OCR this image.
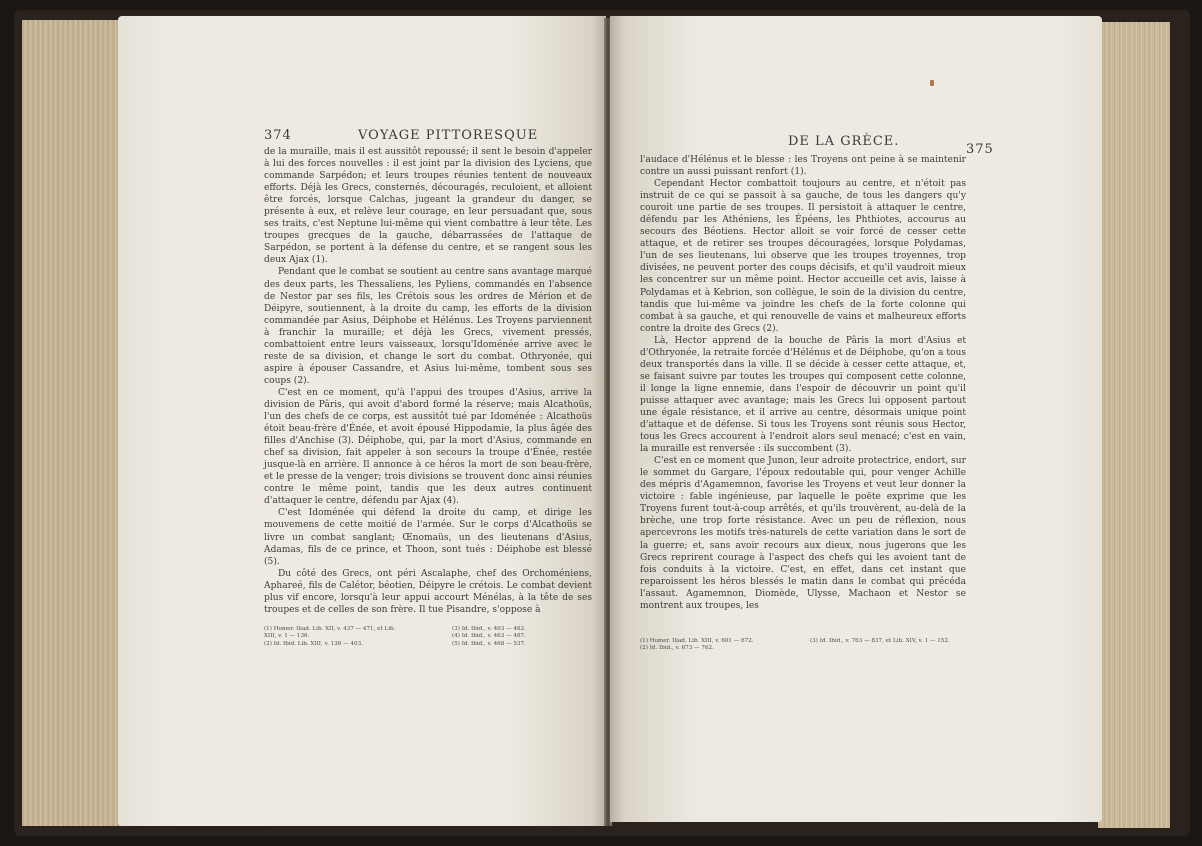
374	VOYAGE PITTORESQUE

de la muraille, mais il est aussitôt repoussé; il sent le besoin d'appeler à lui des forces nouvelles : il est joint par la division des Lyciens, que commande Sarpédon; et leurs troupes réunies tentent de nouveaux efforts. Déjà les Grecs, consternés, découragés, reculoient, et alloient être forcés, lorsque Calchas, jugeant la grandeur du danger, se présente à eux, et relève leur courage, en leur persuadant que, sous ses traits, c'est Neptune lui-même qui vient combattre à leur tête. Les troupes grecques de la gauche, débarrassées de l'attaque de Sarpédon, se portent à la défense du centre, et se rangent sous les deux Ajax (1).

Pendant que le combat se soutient au centre sans avantage marqué des deux parts, les Thessaliens, les Pyliens, commandés en l'absence de Nestor par ses fils, les Crétois sous les ordres de Mérion et de Déipyre, soutiennent, à la droite du camp, les efforts de la division commandée par Asius, Déiphobe et Hélénus. Les Troyens parviennent à franchir la muraille; et déjà les Grecs, vivement pressés, combattoient entre leurs vaisseaux, lorsqu'Idoménée arrive avec le reste de sa division, et change le sort du combat. Othryonée, qui aspire à épouser Cassandre, et Asius lui-même, tombent sous ses coups (2).

C'est en ce moment, qu'à l'appui des troupes d'Asius, arrive la division de Pâris, qui avoit d'abord formé la réserve; mais Alcathoüs, l'un des chefs de ce corps, est aussitôt tué par Idoménée : Alcathoüs étoit beau-frère d'Énée, et avoit épousé Hippodamie, la plus âgée des filles d'Anchise (3). Déiphobe, qui, par la mort d'Asius, commande en chef sa division, fait appeler à son secours la troupe d'Énée, restée jusque-là en arrière. Il annonce à ce héros la mort de son beau-frère, et le presse de la venger; trois divisions se trouvent donc ainsi réunies contre le même point, tandis que les deux autres continuent d'attaquer le centre, défendu par Ajax (4).

C'est Idoménée qui défend la droite du camp, et dirige les mouvemens de cette moitié de l'armée. Sur le corps d'Alcathoüs se livre un combat sanglant; Œnomaüs, un des lieutenans d'Asius, Adamas, fils de ce prince, et Thoon, sont tués : Déiphobe est blessé (5).

Du côté des Grecs, ont péri Ascalaphe, chef des Orchoméniens, Aphareé, fils de Calétor, béotien, Déipyre le crétois. Le combat devient plus vif encore, lorsqu'à leur appui accourt Ménélas, à la tête de ses troupes et de celles de son frère. Il tue Pisandre, s'oppose à

(1) Homer. Iliad. Lib. XII, v. 437 — 471, et Lib.
XIII, v. 1 — 136.
(2) Id. Ibid. Lib. XIII, v. 136 — 403.
(3) Id. Ibid., v. 403 — 462.
(4) Id. Ibid., v. 463 — 467.
(5) Id. Ibid., v. 468 — 537.
DE LA GRÈCE.
375

l'audace d'Hélénus et le blesse : les Troyens ont peine à se maintenir contre un aussi puissant renfort (1).

Cependant Hector combattoit toujours au centre, et n'étoit pas instruit de ce qui se passoit à sa gauche, de tous les dangers qu'y couroit une partie de ses troupes. Il persistoit à attaquer le centre, défendu par les Athéniens, les Épéens, les Phthiotes, accourus au secours des Béotiens. Hector alloit se voir forcé de cesser cette attaque, et de retirer ses troupes découragées, lorsque Polydamas, l'un de ses lieutenans, lui observe que les troupes troyennes, trop divisées, ne peuvent porter des coups décisifs, et qu'il vaudroit mieux les concentrer sur un même point. Hector accueille cet avis, laisse à Polydamas et à Kebrion, son collègue, le soin de la division du centre, tandis que lui-même va joindre les chefs de la forte colonne qui combat à sa gauche, et qui renouvelle de vains et malheureux efforts contre la droite des Grecs (2).

Là, Hector apprend de la bouche de Pâris la mort d'Asius et d'Othryonée, la retraite forcée d'Hélénus et de Déiphobe, qu'on a tous deux transportés dans la ville. Il se décide à cesser cette attaque, et, se faisant suivre par toutes les troupes qui composent cette colonne, il longe la ligne ennemie, dans l'espoir de découvrir un point qu'il puisse attaquer avec avantage; mais les Grecs lui opposent partout une égale résistance, et il arrive au centre, désormais unique point d'attaque et de défense. Si tous les Troyens sont réunis sous Hector, tous les Grecs accourent à l'endroit alors seul menacé; c'est en vain, la muraille est renversée : ils succombent (3).

C'est en ce moment que Junon, leur adroite protectrice, endort, sur le sommet du Gargare, l'époux redoutable qui, pour venger Achille des mépris d'Agamemnon, favorise les Troyens et veut leur donner la victoire : fable ingénieuse, par laquelle le poëte exprime que les Troyens furent tout-à-coup arrêtés, et qu'ils trouvèrent, au-delà de la brèche, une trop forte résistance. Avec un peu de réflexion, nous apercevrons les motifs très-naturels de cette variation dans le sort de la guerre; et, sans avoir recours aux dieux, nous jugerons que les Grecs reprirent courage à l'aspect des chefs qui les avoient tant de fois conduits à la victoire. C'est, en effet, dans cet instant que reparoissent les héros blessés le matin dans le combat qui précéda l'assaut. Agamemnon, Diomède, Ulysse, Machaon et Nestor se montrent aux troupes, les

(1) Homer. Iliad. Lib. XIII, v. 601 — 672.
(2) Id. Ibid., v. 673 — 762.
(3) Id. Ibid., v. 763 — 837, et Lib. XIV, v. 1 — 152.
